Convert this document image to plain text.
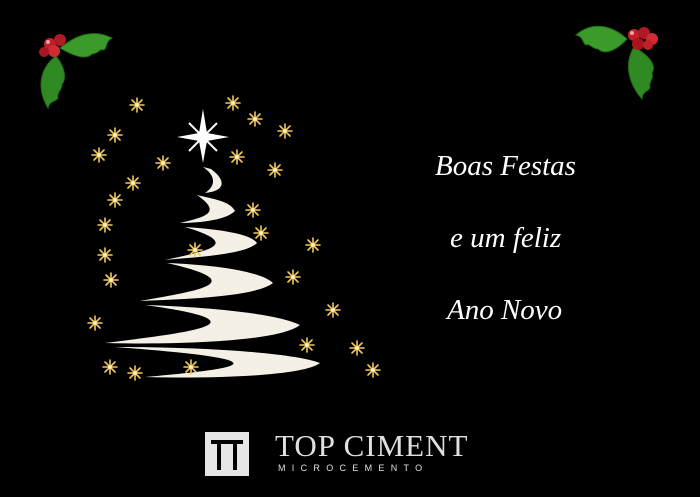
Boas Festas
e um feliz
Ano Novo
TOP CIMENT
MICROCEMENTO
